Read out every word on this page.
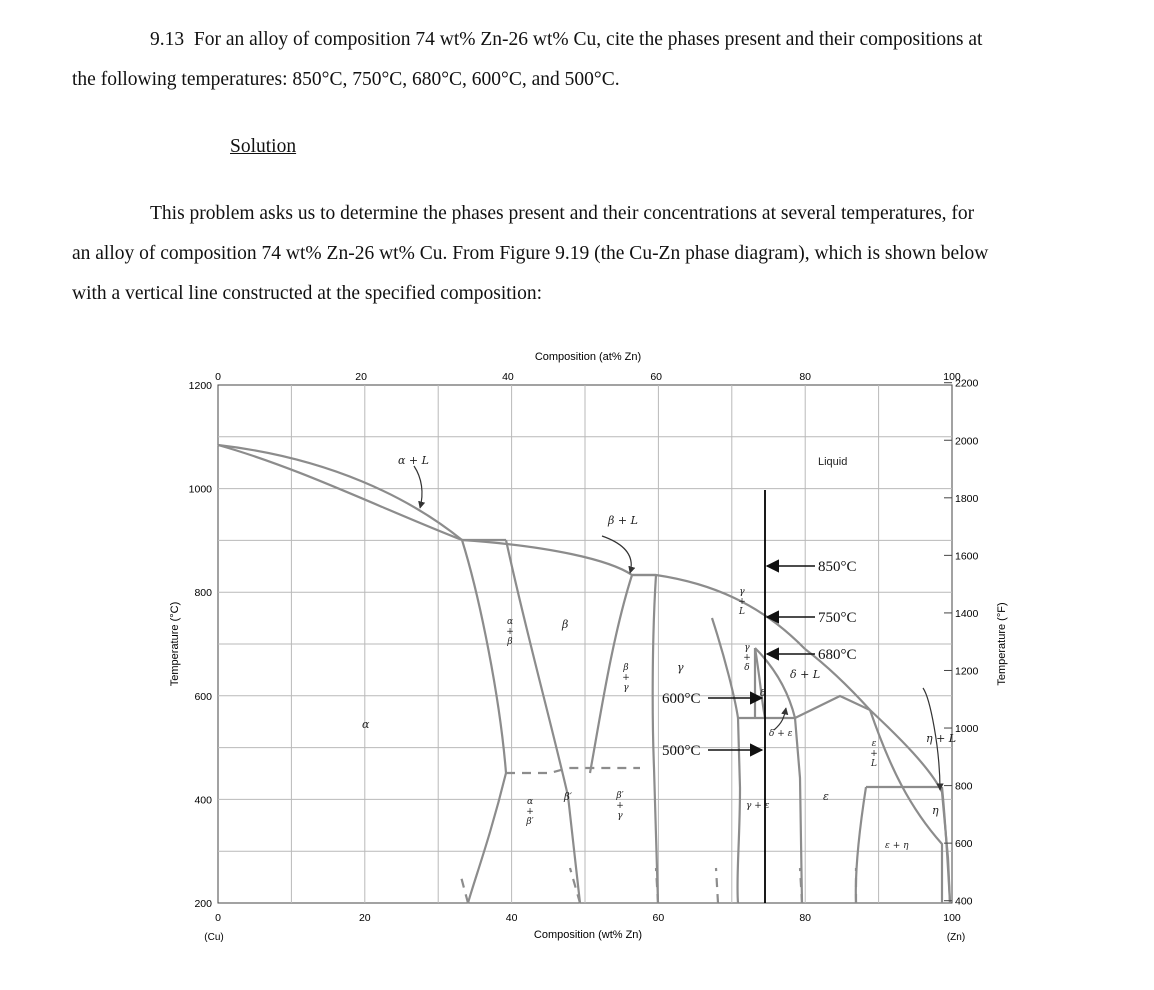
9.13 For an alloy of composition 74 wt% Zn-26 wt% Cu, cite the phases present and their compositions at
the following temperatures: 850°C, 750°C, 680°C, 600°C, and 500°C.
Solution
This problem asks us to determine the phases present and their concentrations at several temperatures, for
an alloy of composition 74 wt% Zn-26 wt% Cu. From Figure 9.19 (the Cu-Zn phase diagram), which is shown below
with a vertical line constructed at the specified composition:
Composition (at% Zn)
0	20	40	60	80	100
Composition (wt% Zn)
0	20	40	60	80	100
(Cu)	(Zn)
Temperature (°C)
200
400
600
800
1000
1200
Temperature (°F)
400
600
800
1000
1200
1400
1600
1800
2000
2200
Liquid
α + L
β + L
β
α
γ
ε
η
η + L
δ + L
δ + ε
γ + ε
ε + η
β′
δ
α + β
β + γ
γ + δ
γ + L
ε + L
α + β′
β′ + γ
850°C
750°C
680°C
600°C
500°C
